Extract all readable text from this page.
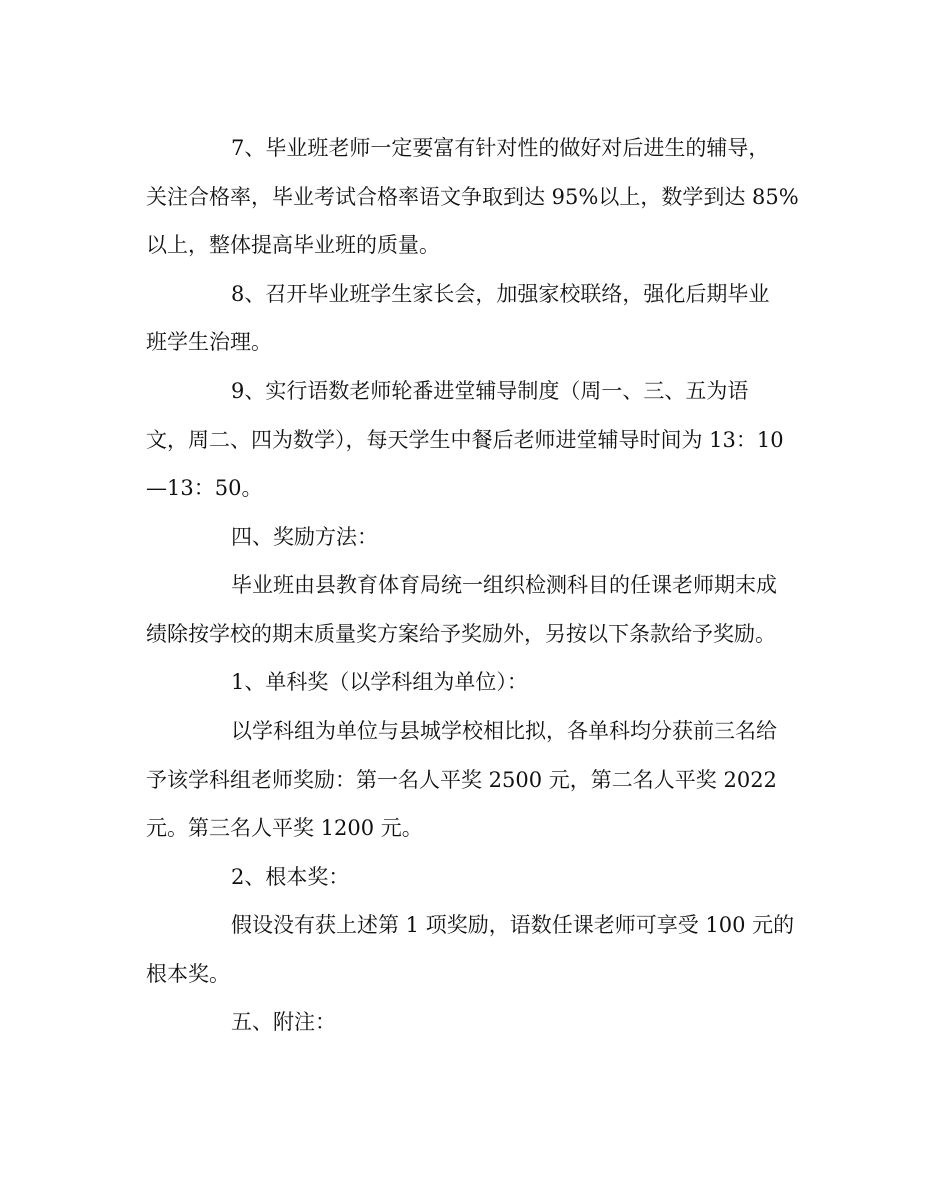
7、毕业班老师一定要富有针对性的做好对后进生的辅导，
关注合格率，毕业考试合格率语文争取到达 95%以上，数学到达 85%
以上，整体提高毕业班的质量。
8、召开毕业班学生家长会，加强家校联络，强化后期毕业
班学生治理。
9、实行语数老师轮番进堂辅导制度（周一、三、五为语
文，周二、四为数学），每天学生中餐后老师进堂辅导时间为 13：10
—13：50。
四、奖励方法：
毕业班由县教育体育局统一组织检测科目的任课老师期末成
绩除按学校的期末质量奖方案给予奖励外，另按以下条款给予奖励。
1、单科奖（以学科组为单位）：
以学科组为单位与县城学校相比拟，各单科均分获前三名给
予该学科组老师奖励：第一名人平奖 2500 元，第二名人平奖 2022
元。第三名人平奖 1200 元。
2、根本奖：
假设没有获上述第 1 项奖励，语数任课老师可享受 100 元的
根本奖。
五、附注：
